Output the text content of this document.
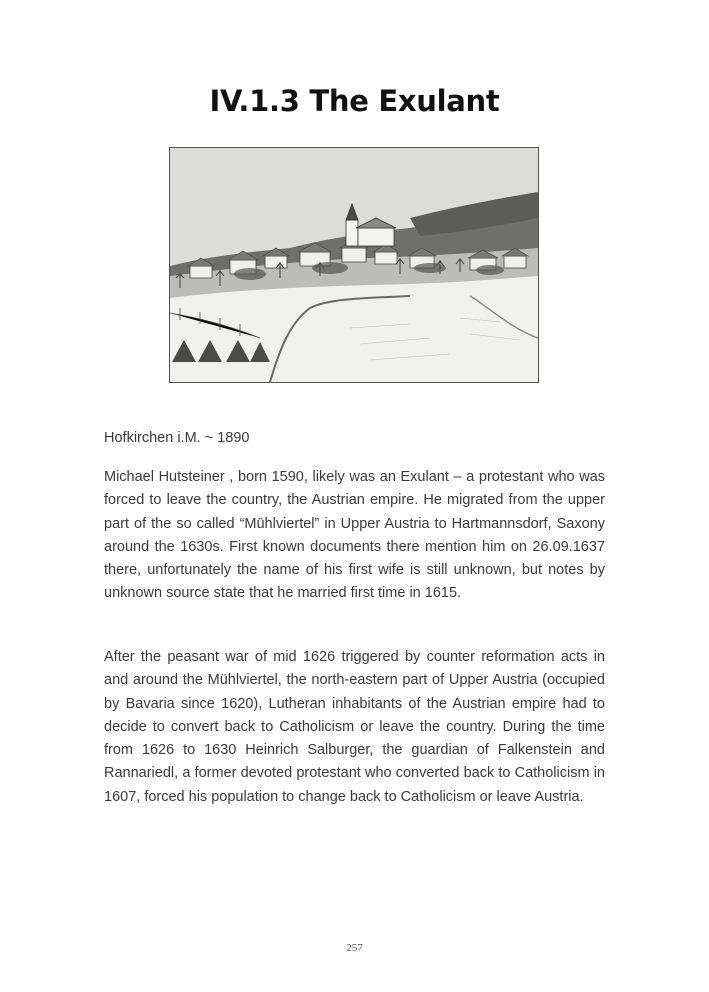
IV.1.3 The Exulant

Hofkirchen i.M. ~ 1890

Michael Hutsteiner , born 1590, likely was an Exulant – a protestant who was forced to leave the country, the Austrian empire. He migrated from the upper part of the so called “Mühlviertel” in Upper Austria to Hartmannsdorf, Saxony around the 1630s. First known documents there mention him on 26.09.1637 there, unfortunately the name of his first wife is still unknown, but notes by unknown source state that he married first time in 1615.

After the peasant war of mid 1626 triggered by counter reformation acts in and around the Mühlviertel, the north-eastern part of Upper Austria (occupied by Bavaria since 1620), Lutheran inhabitants of the Austrian empire had to decide to convert back to Catholicism or leave the country. During the time from 1626 to 1630 Heinrich Salburger, the guardian of Falkenstein and Rannariedl, a former devoted protestant who converted back to Catholicism in 1607, forced his population to change back to Catholicism or leave Austria.

257
